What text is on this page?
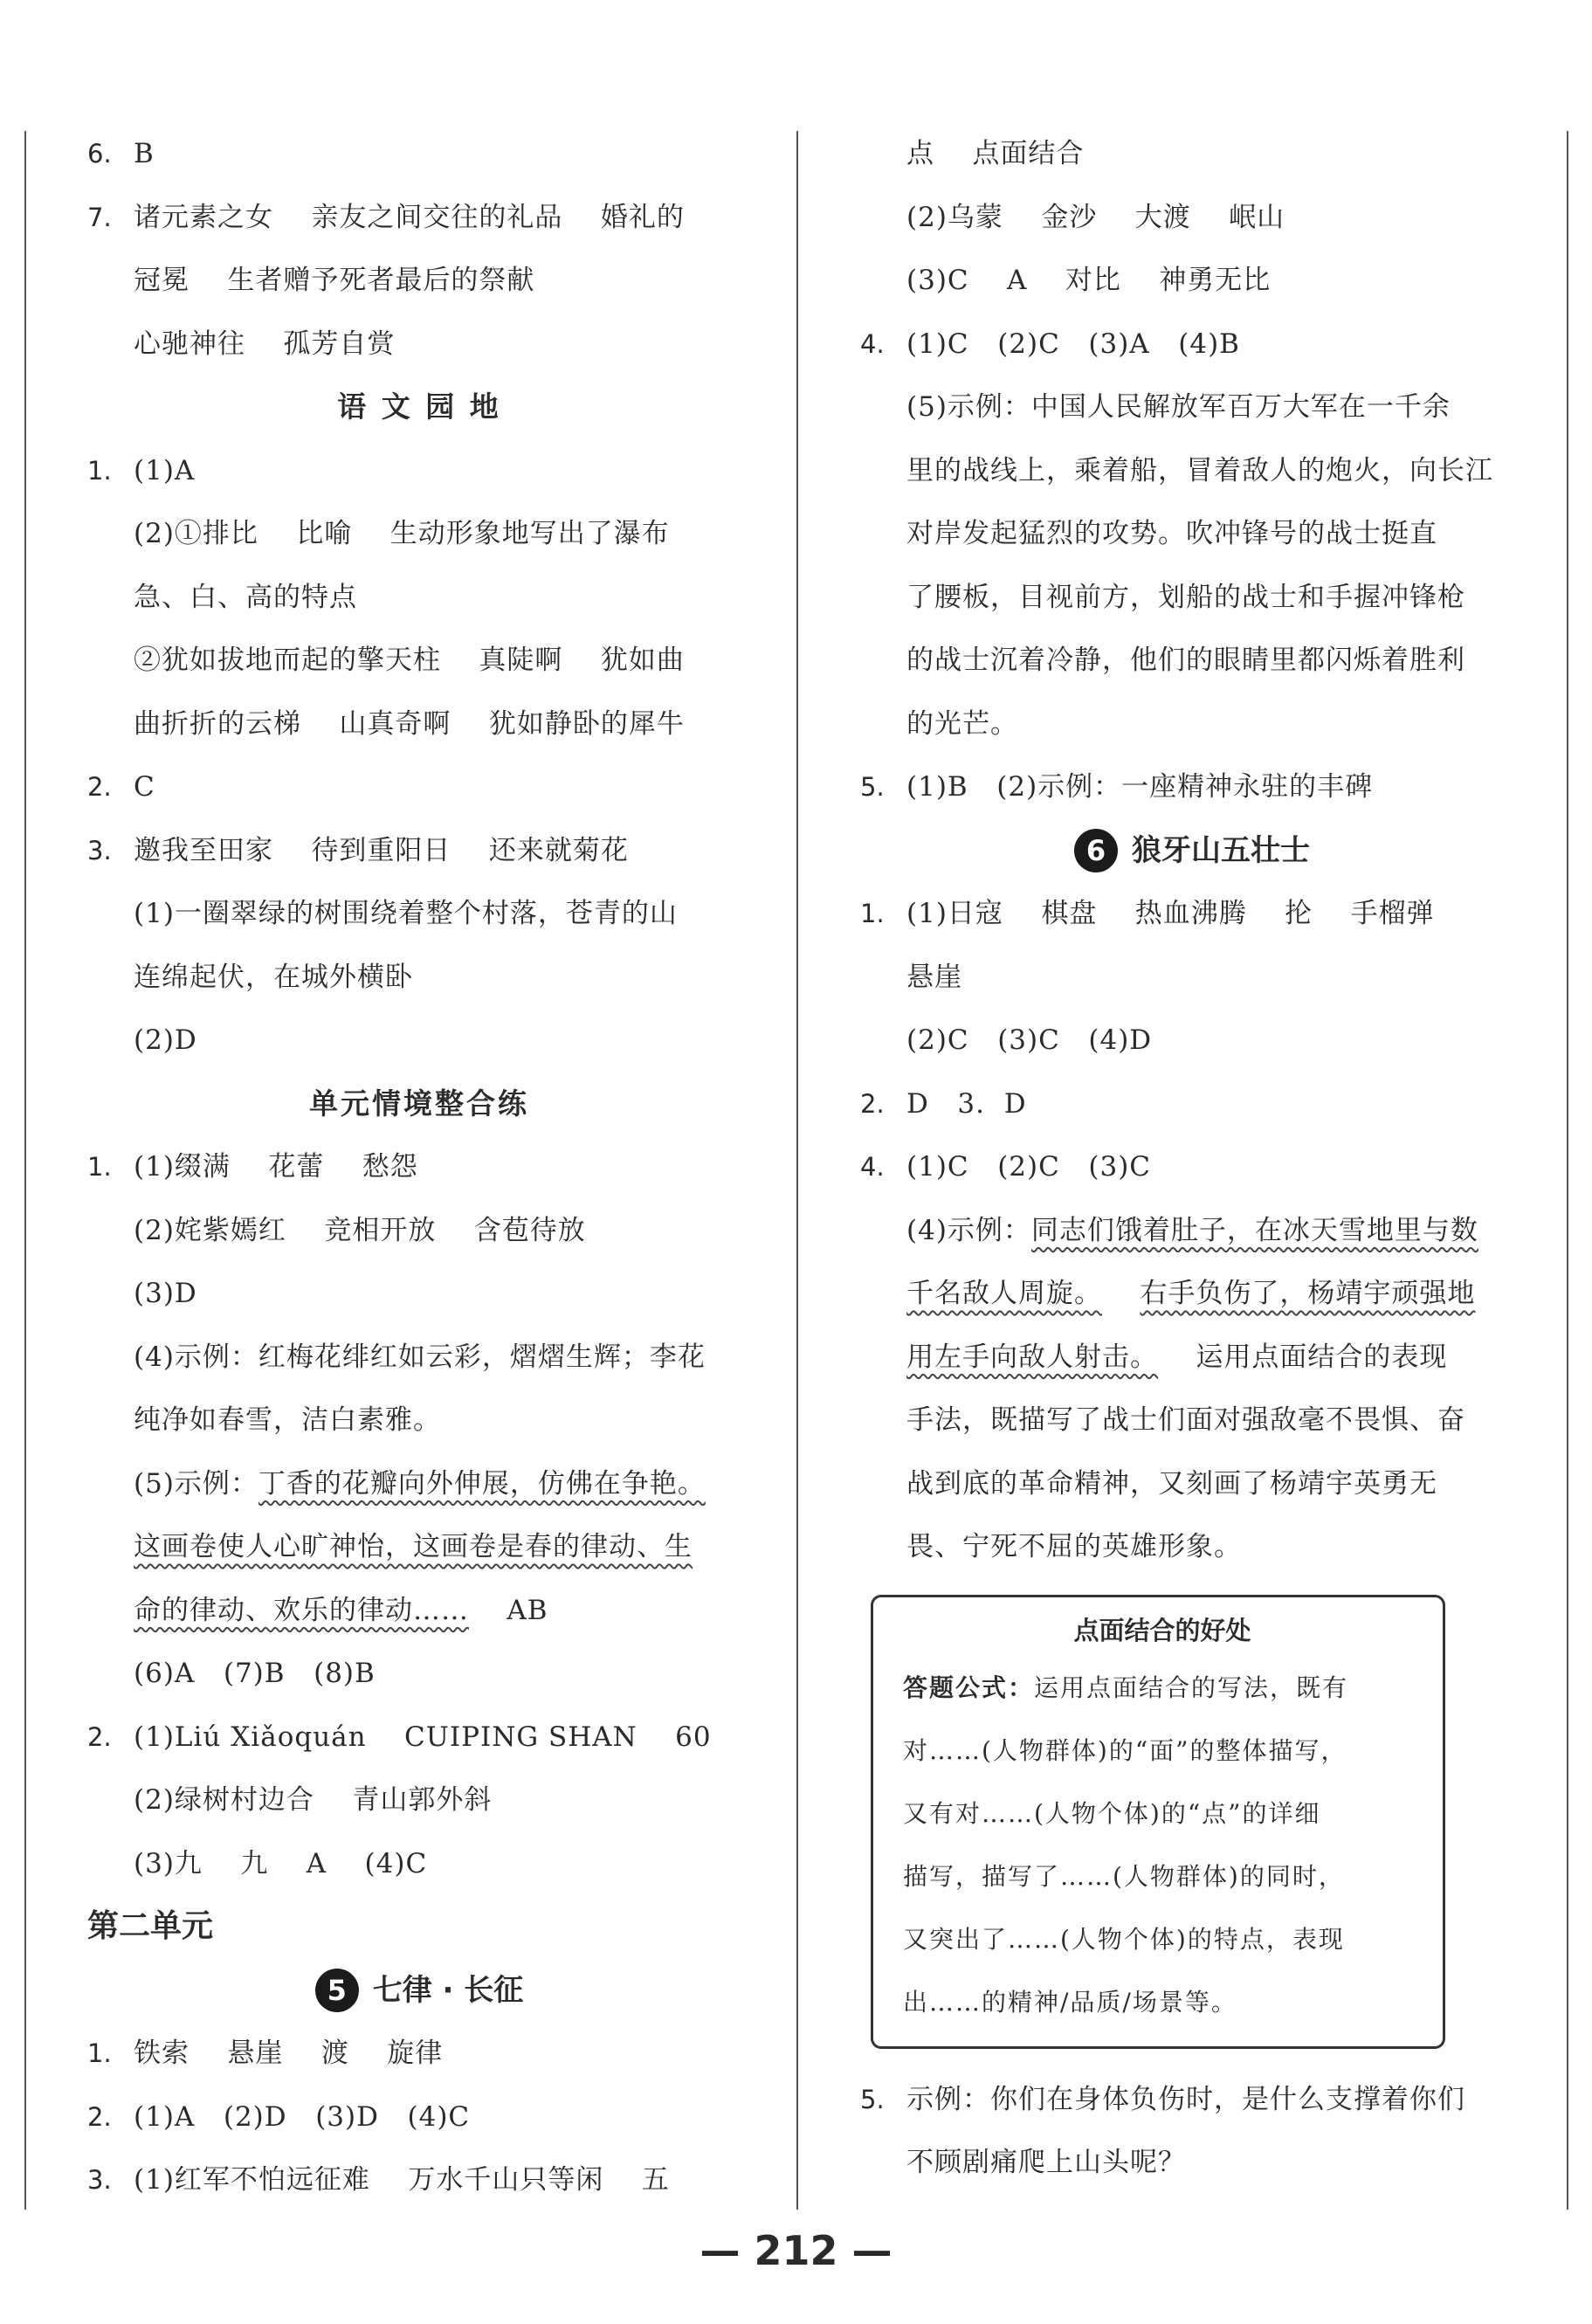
6. B
7. 诸元素之女    亲友之间交往的礼品    婚礼的
冠冕    生者赠予死者最后的祭献
心驰神往    孤芳自赏
语 文 园 地
1. (1)A
(2)①排比    比喻    生动形象地写出了瀑布
急、白、高的特点
②犹如拔地而起的擎天柱    真陡啊    犹如曲
曲折折的云梯    山真奇啊    犹如静卧的犀牛
2. C
3. 邀我至田家    待到重阳日    还来就菊花
(1)一圈翠绿的树围绕着整个村落，苍青的山
连绵起伏，在城外横卧
(2)D
单元情境整合练
1. (1)缀满    花蕾    愁怨
(2)姹紫嫣红    竞相开放    含苞待放
(3)D
(4)示例：红梅花绯红如云彩，熠熠生辉；李花
纯净如春雪，洁白素雅。
(5)示例：丁香的花瓣向外伸展，仿佛在争艳。
这画卷使人心旷神怡，这画卷是春的律动、生
命的律动、欢乐的律动……    AB
(6)A   (7)B   (8)B
2. (1)Liú Xiǎoquán    CUIPING SHAN    60
(2)绿树村边合    青山郭外斜
(3)九    九    A    (4)C
第二单元
5 七律 · 长征
1. 铁索    悬崖    渡    旋律
2. (1)A   (2)D   (3)D   (4)C
3. (1)红军不怕远征难    万水千山只等闲    五
点    点面结合
(2)乌蒙    金沙    大渡    岷山
(3)C    A    对比    神勇无比
4. (1)C   (2)C   (3)A   (4)B
(5)示例：中国人民解放军百万大军在一千余
里的战线上，乘着船，冒着敌人的炮火，向长江
对岸发起猛烈的攻势。吹冲锋号的战士挺直
了腰板，目视前方，划船的战士和手握冲锋枪
的战士沉着冷静，他们的眼睛里都闪烁着胜利
的光芒。
5. (1)B   (2)示例：一座精神永驻的丰碑
6 狼牙山五壮士
1. (1)日寇    棋盘    热血沸腾    抡    手榴弹
悬崖
(2)C   (3)C   (4)D
2. D   3.  D
4. (1)C   (2)C   (3)C
(4)示例：同志们饿着肚子，在冰天雪地里与数
千名敌人周旋。 右手负伤了，杨靖宇顽强地
用左手向敌人射击。    运用点面结合的表现
手法，既描写了战士们面对强敌毫不畏惧、奋
战到底的革命精神，又刻画了杨靖宇英勇无
畏、宁死不屈的英雄形象。
点面结合的好处
答题公式：运用点面结合的写法，既有
对……(人物群体)的“面”的整体描写，
又有对……(人物个体)的“点”的详细
描写，描写了……(人物群体)的同时，
又突出了……(人物个体)的特点，表现
出……的精神/品质/场景等。
5. 示例：你们在身体负伤时，是什么支撑着你们
不顾剧痛爬上山头呢？
— 212 —
